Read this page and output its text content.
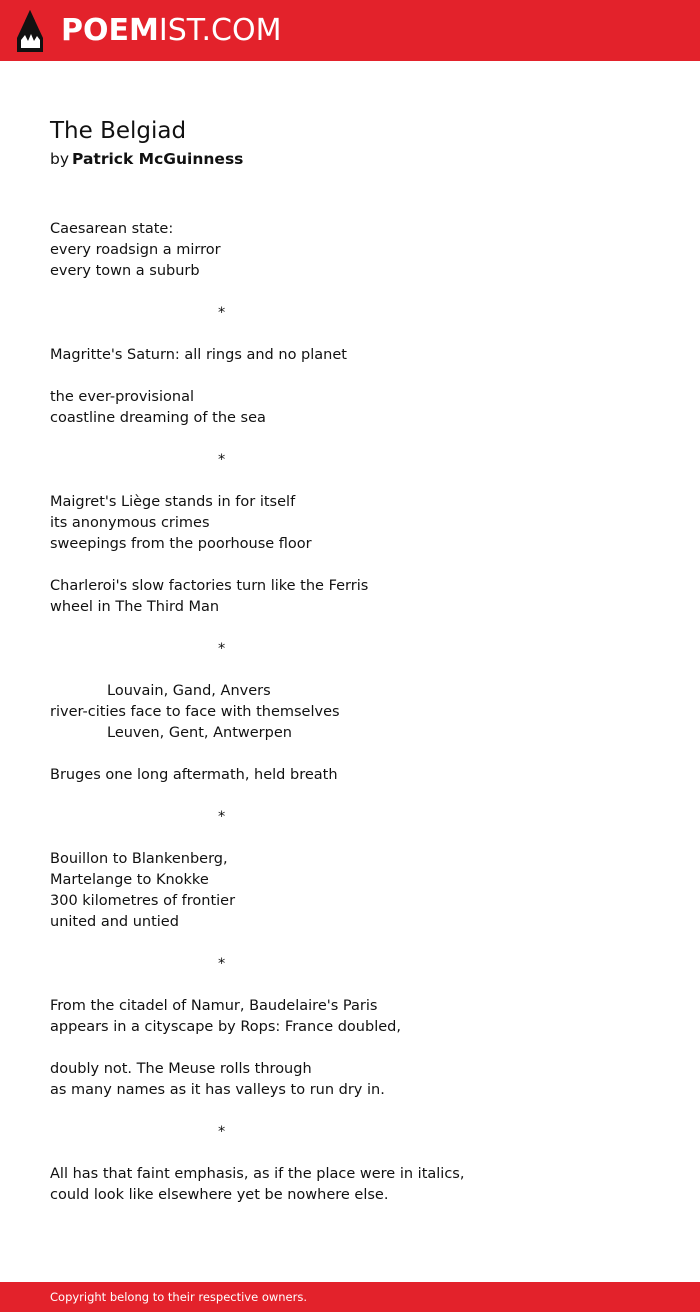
POEMIST.COM
The Belgiad
by Patrick McGuinness
Caesarean state:
every roadsign a mirror
every town a suburb
*
Magritte's Saturn: all rings and no planet
the ever-provisional
coastline dreaming of the sea
*
Maigret's Liège stands in for itself
its anonymous crimes
sweepings from the poorhouse floor
Charleroi's slow factories turn like the Ferris
wheel in The Third Man
*
Louvain, Gand, Anvers
river-cities face to face with themselves
Leuven, Gent, Antwerpen
Bruges one long aftermath, held breath
*
Bouillon to Blankenberg,
Martelange to Knokke
300 kilometres of frontier
united and untied
*
From the citadel of Namur, Baudelaire's Paris
appears in a cityscape by Rops: France doubled,
doubly not. The Meuse rolls through
as many names as it has valleys to run dry in.
*
All has that faint emphasis, as if the place were in italics,
could look like elsewhere yet be nowhere else.
Copyright belong to their respective owners.
